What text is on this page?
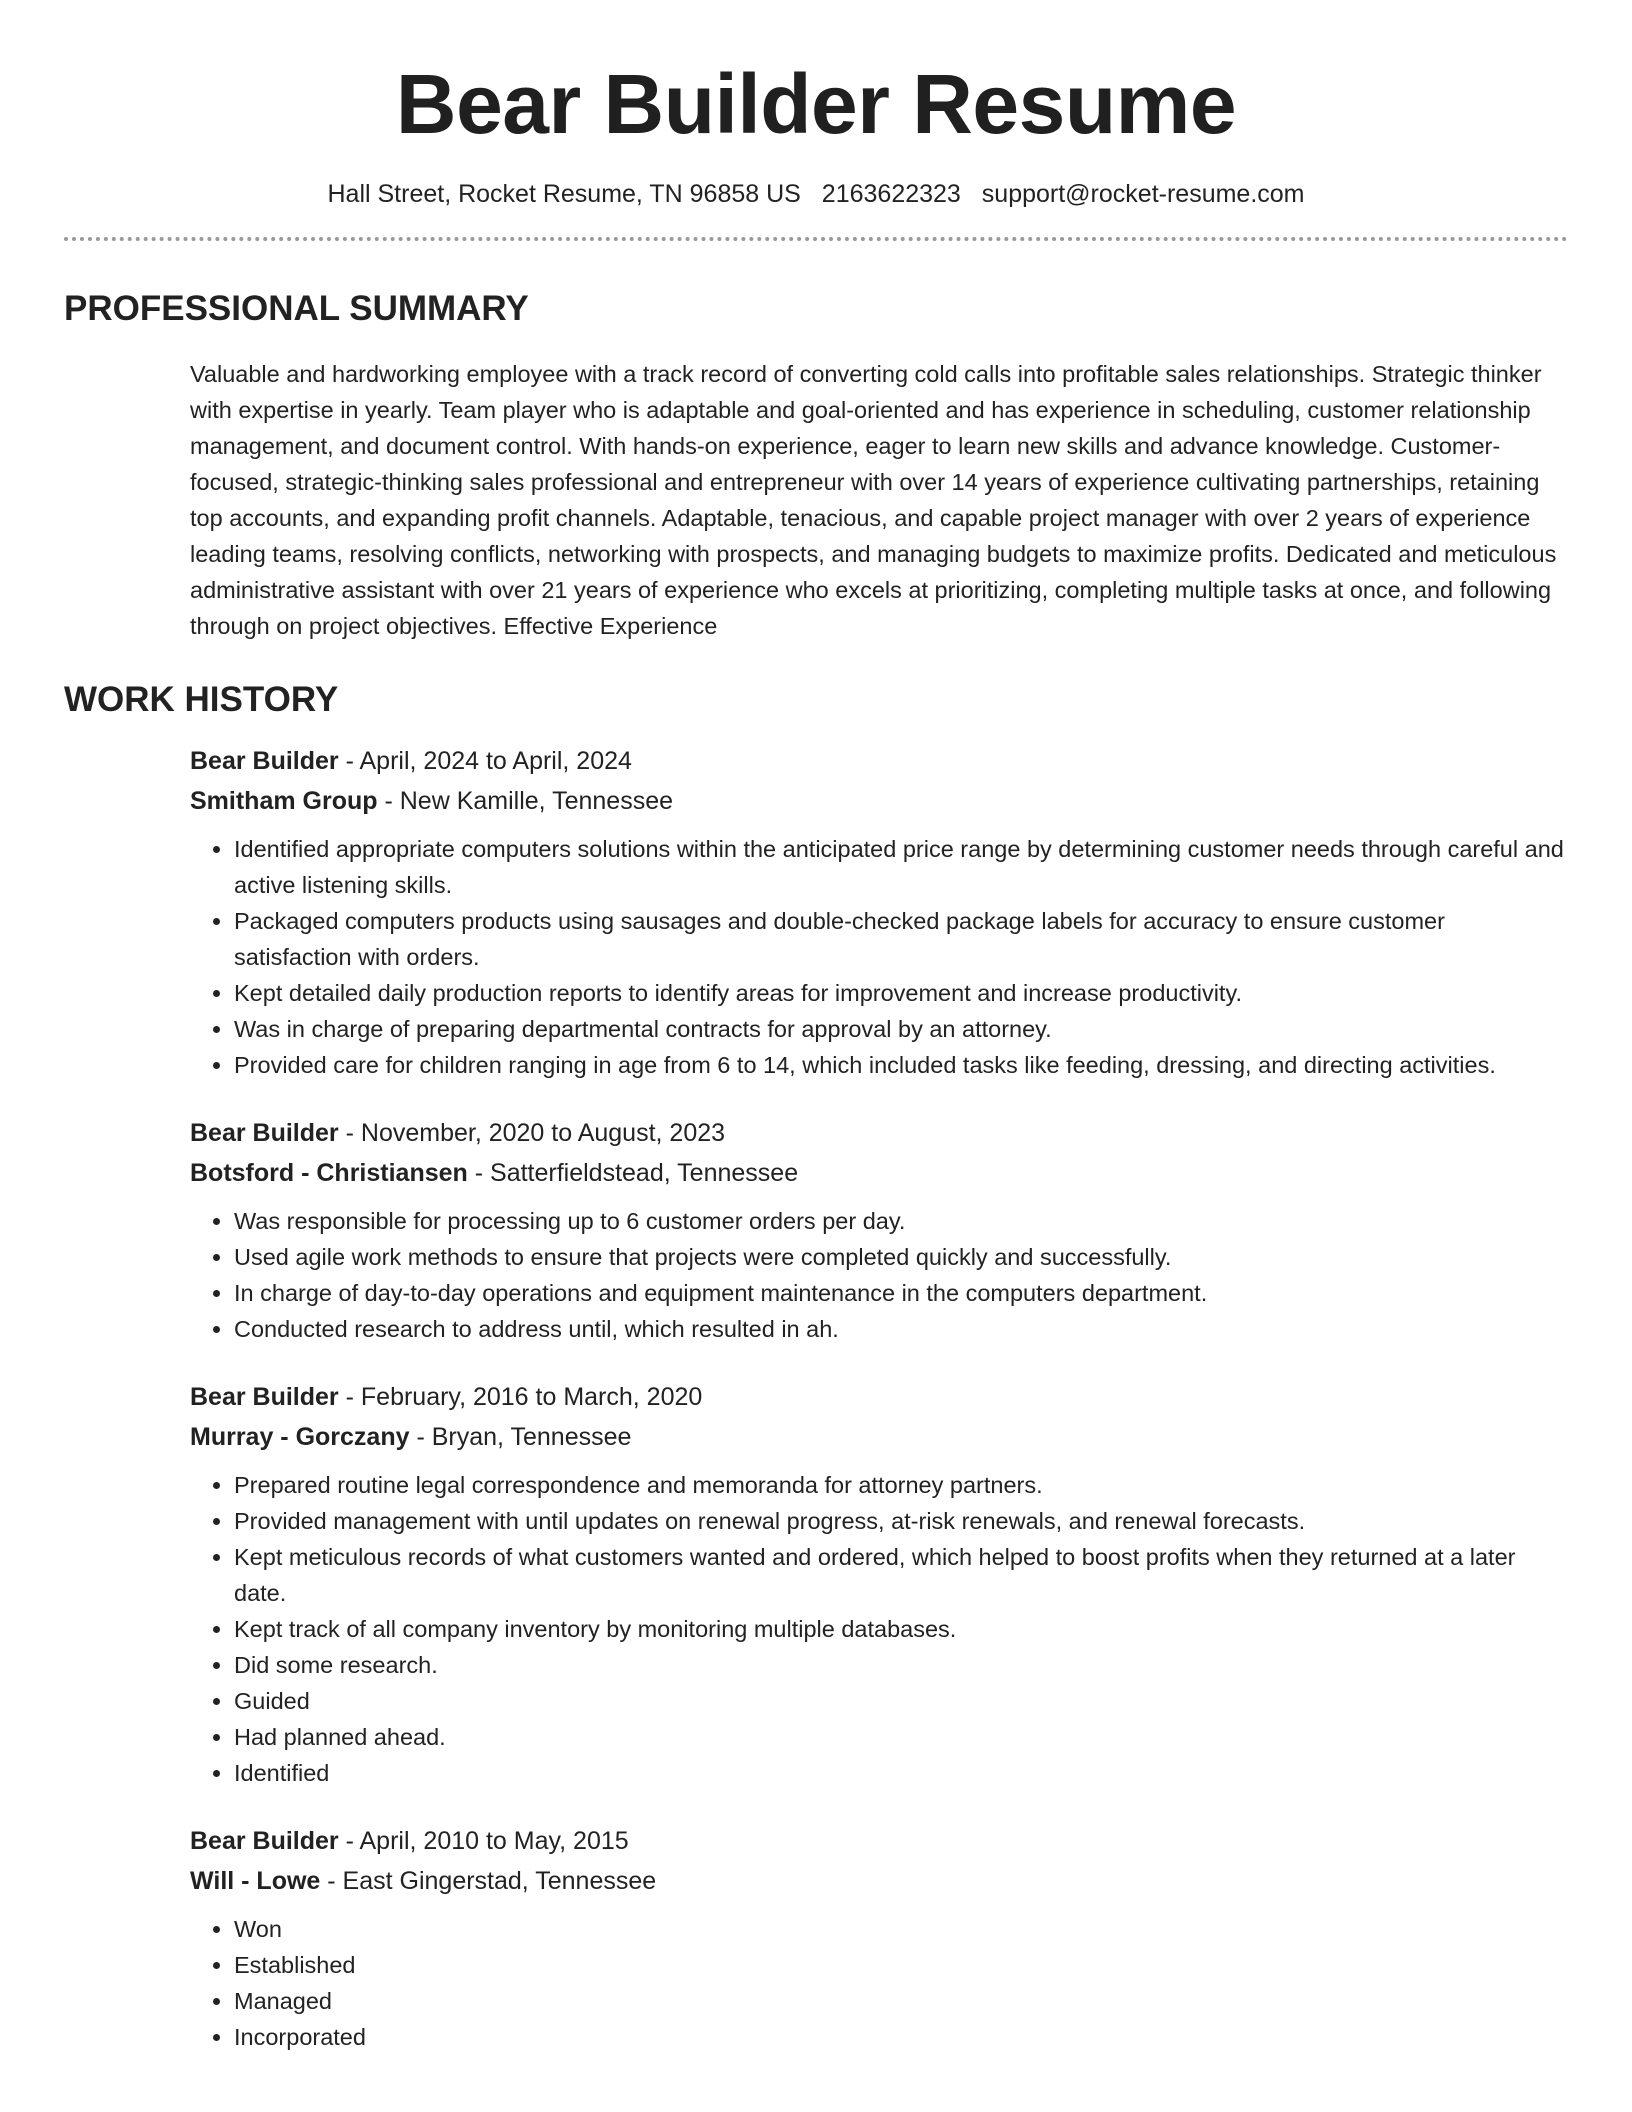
Bear Builder Resume
Hall Street, Rocket Resume, TN 96858 US 2163622323 support@rocket-resume.com
PROFESSIONAL SUMMARY

Valuable and hardworking employee with a track record of converting cold calls into profitable sales relationships. Strategic thinker with expertise in yearly. Team player who is adaptable and goal-oriented and has experience in scheduling, customer relationship management, and document control. With hands-on experience, eager to learn new skills and advance knowledge. Customer-focused, strategic-thinking sales professional and entrepreneur with over 14 years of experience cultivating partnerships, retaining top accounts, and expanding profit channels. Adaptable, tenacious, and capable project manager with over 2 years of experience leading teams, resolving conflicts, networking with prospects, and managing budgets to maximize profits. Dedicated and meticulous administrative assistant with over 21 years of experience who excels at prioritizing, completing multiple tasks at once, and following through on project objectives. Effective Experience

WORK HISTORY
Bear Builder - April, 2024 to April, 2024
Smitham Group - New Kamille, Tennessee
• Identified appropriate computers solutions within the anticipated price range by determining customer needs through careful and active listening skills.
• Packaged computers products using sausages and double-checked package labels for accuracy to ensure customer satisfaction with orders.
• Kept detailed daily production reports to identify areas for improvement and increase productivity.
• Was in charge of preparing departmental contracts for approval by an attorney.
• Provided care for children ranging in age from 6 to 14, which included tasks like feeding, dressing, and directing activities.
Bear Builder - November, 2020 to August, 2023
Botsford - Christiansen - Satterfieldstead, Tennessee
• Was responsible for processing up to 6 customer orders per day.
• Used agile work methods to ensure that projects were completed quickly and successfully.
• In charge of day-to-day operations and equipment maintenance in the computers department.
• Conducted research to address until, which resulted in ah.
Bear Builder - February, 2016 to March, 2020
Murray - Gorczany - Bryan, Tennessee
• Prepared routine legal correspondence and memoranda for attorney partners.
• Provided management with until updates on renewal progress, at-risk renewals, and renewal forecasts.
• Kept meticulous records of what customers wanted and ordered, which helped to boost profits when they returned at a later date.
• Kept track of all company inventory by monitoring multiple databases.
• Did some research.
• Guided
• Had planned ahead.
• Identified
Bear Builder - April, 2010 to May, 2015
Will - Lowe - East Gingerstad, Tennessee
• Won
• Established
• Managed
• Incorporated
